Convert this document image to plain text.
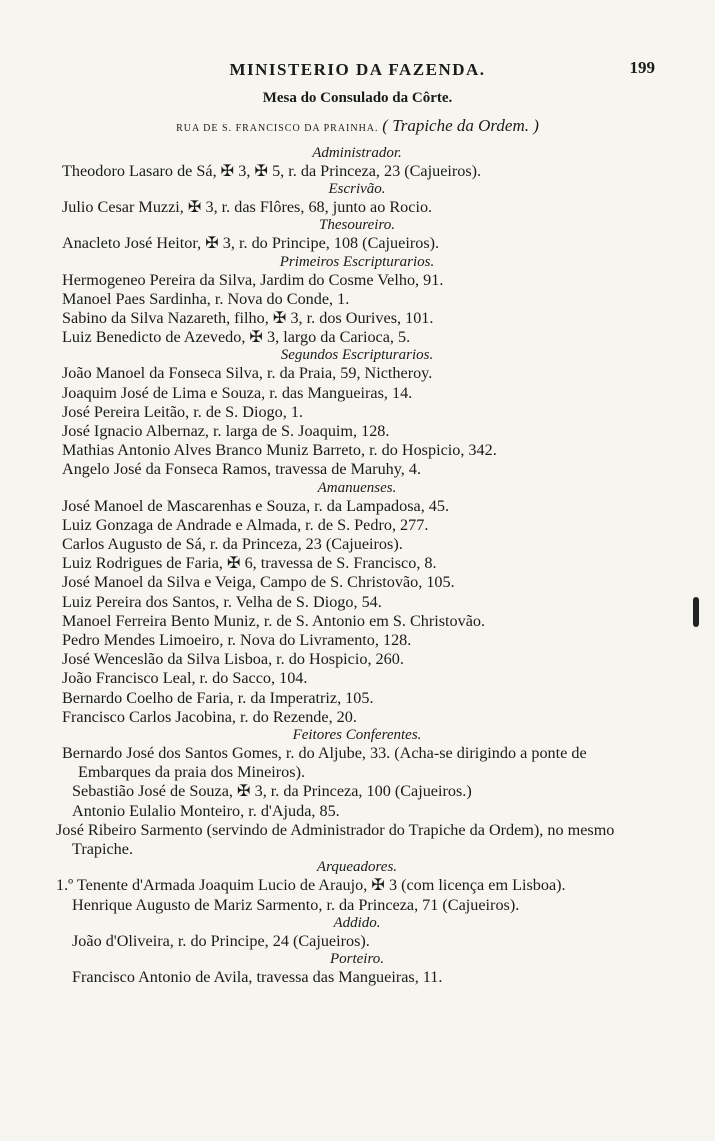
MINISTERIO DA FAZENDA.	199
Mesa do Consulado da Côrte.
RUA DE S. FRANCISCO DA PRAINHA. ( Trapiche da Ordem. )
Administrador.
Theodoro Lasaro de Sá, ✠ 3, ✠ 5, r. da Princeza, 23 (Cajueiros).
Escrivão.
Julio Cesar Muzzi, ✠ 3, r. das Flôres, 68, junto ao Rocio.
Thesoureiro.
Anacleto José Heitor, ✠ 3, r. do Principe, 108 (Cajueiros).
Primeiros Escripturarios.
Hermogeneo Pereira da Silva, Jardim do Cosme Velho, 91.
Manoel Paes Sardinha, r. Nova do Conde, 1.
Sabino da Silva Nazareth, filho, ✠ 3, r. dos Ourives, 101.
Luiz Benedicto de Azevedo, ✠ 3, largo da Carioca, 5.
Segundos Escripturarios.
João Manoel da Fonseca Silva, r. da Praia, 59, Nictheroy.
Joaquim José de Lima e Souza, r. das Mangueiras, 14.
José Pereira Leitão, r. de S. Diogo, 1.
José Ignacio Albernaz, r. larga de S. Joaquim, 128.
Mathias Antonio Alves Branco Muniz Barreto, r. do Hospicio, 342.
Angelo José da Fonseca Ramos, travessa de Maruhy, 4.
Amanuenses.
José Manoel de Mascarenhas e Souza, r. da Lampadosa, 45.
Luiz Gonzaga de Andrade e Almada, r. de S. Pedro, 277.
Carlos Augusto de Sá, r. da Princeza, 23 (Cajueiros).
Luiz Rodrigues de Faria, ✠ 6, travessa de S. Francisco, 8.
José Manoel da Silva e Veiga, Campo de S. Christovão, 105.
Luiz Pereira dos Santos, r. Velha de S. Diogo, 54.
Manoel Ferreira Bento Muniz, r. de S. Antonio em S. Christovão.
Pedro Mendes Limoeiro, r. Nova do Livramento, 128.
José Wenceslão da Silva Lisboa, r. do Hospicio, 260.
João Francisco Leal, r. do Sacco, 104.
Bernardo Coelho de Faria, r. da Imperatriz, 105.
Francisco Carlos Jacobina, r. do Rezende, 20.
Feitores Conferentes.
Bernardo José dos Santos Gomes, r. do Aljube, 33. (Acha-se dirigindo a ponte de Embarques da praia dos Mineiros).
Sebastião José de Souza, ✠ 3, r. da Princeza, 100 (Cajueiros.)
Antonio Eulalio Monteiro, r. d'Ajuda, 85.
José Ribeiro Sarmento (servindo de Administrador do Trapiche da Ordem), no mesmo Trapiche.
Arqueadores.
1.º Tenente d'Armada Joaquim Lucio de Araujo, ✠ 3 (com licença em Lisboa).
Henrique Augusto de Mariz Sarmento, r. da Princeza, 71 (Cajueiros).
Addido.
João d'Oliveira, r. do Principe, 24 (Cajueiros).
Porteiro.
Francisco Antonio de Avila, travessa das Mangueiras, 11.
